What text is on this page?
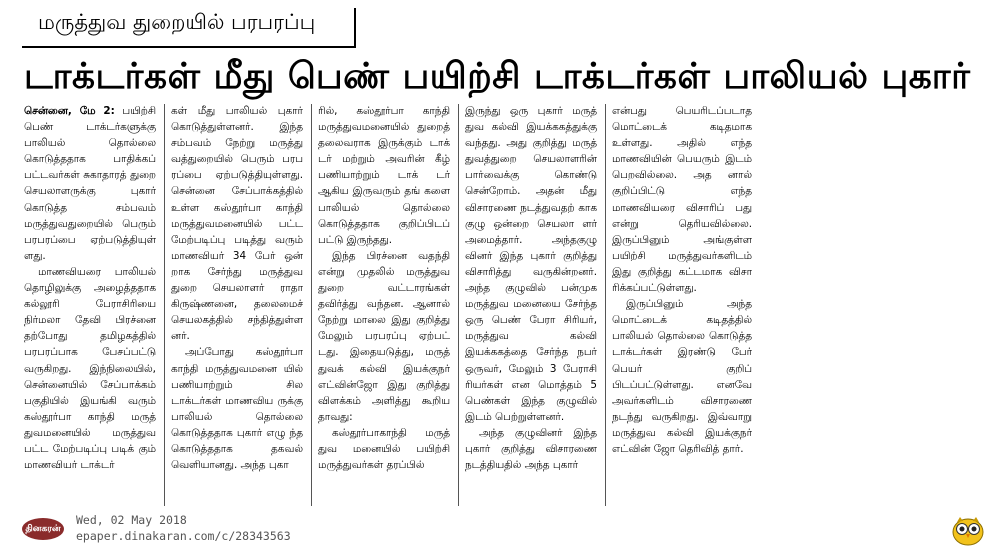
மருத்துவ துறையில் பரபரப்பு
டாக்டர்கள் மீது பெண் பயிற்சி டாக்டர்கள் பாலியல் புகார்

சென்னை, மே 2: பயிற்சி பெண் டாக்டர்களுக்கு பாலியல் தொல்லை கொடுத்ததாக பாதிக்கப் பட்டவர்கள் சுகாதாரத் துறை செயலாளருக்கு புகார் கொடுத்த சம்பவம் மருத்துவதுறையில் பெரும் பரபரப்பை ஏற்படுத்தியுள் ளது.

மாணவியரை பாலியல் தொழிலுக்கு அழைத்ததாக கல்லூரி பேராசிரியை நிர்மலா தேவி பிரச்னை தற்போது தமிழகத்தில் பரபரப்பாக பேசப்பட்டு வருகிறது. இந்நிலையில், சென்னையில் சேப்பாக்கம் பகுதியில் இயங்கி வரும் கஸ்தூர்பா காந்தி மருத் துவமனையில் மருத்துவ பட்ட மேற்படிப்பு படிக் கும் மாணவியர் டாக்டர்

கள் மீது பாலியல் புகார் கொடுத்துள்ளனர். இந்த சம்பவம் நேற்று மருத்து வத்துறையில் பெரும் பரப ரப்பை ஏற்படுத்தியுள்ளது. சென்னை சேப்பாக்கத்தில் உள்ள கஸ்தூர்பா காந்தி மருத்துவமனையில் பட்ட மேற்படிப்பு படித்து வரும் மாணவியர் 34 பேர் ஒன் றாக சேர்ந்து மருத்துவ துறை செயலாளர் ராதா கிருஷ்ணனை, தலைமைச் செயலகத்தில் சந்தித்துள்ள னர்.

அப்போது கஸ்தூர்பா காந்தி மருத்துவமனை யில் பணியாற்றும் சில டாக்டர்கள் மாணவிய ருக்கு பாலியல் தொல்லை கொடுத்ததாக புகார் எழு ந்த கொடுத்ததாக தகவல் வெளியானது. அந்த புகா

ரில், கஸ்தூர்பா காந்தி மருத்துவமனையில் துறைத் தலைவராக இருக்கும் டாக் டர் மற்றும் அவரின் கீழ் பணியாற்றும் டாக் டர் ஆகிய இருவரும் தங் களை பாலியல் தொல்லை கொடுத்ததாக குறிப்பிடப் பட்டு இருந்தது.

இந்த பிரச்னை வதந்தி என்று முதலில் மருத்துவ துறை வட்டாரங்கள் தவிர்த்து வந்தன. ஆனால் நேற்று மாலை இது குறித்து மேலும் பரபரப்பு ஏற்பட் டது. இதையடுத்து, மருத் துவக் கல்வி இயக்குநர் எட்வின்ஜோ இது குறித்து விளக்கம் அளித்து கூறிய தாவது:

கஸ்தூர்பாகாந்தி மருத் துவ மனையில் பயிற்சி மருத்துவர்கள் தரப்பில்

இருந்து ஒரு புகார் மருத் துவ கல்வி இயக்ககத்துக்கு வந்தது. அது குறித்து மருத் துவத்துறை செயலாளரின் பார்வைக்கு கொண்டு சென்றோம். அதன் மீது விசாரணை நடத்துவதற் காக குழு ஒன்றை செயலா ளர் அமைத்தார். அந்தகுழு வினர் இந்த புகார் குறித்து விசாரித்து வருகின்றனர். அந்த குழுவில் பன்முக மருத்துவ மனையை சேர்ந்த ஒரு பெண் பேரா சிரியர், மருத்துவ கல்வி இயக்ககத்தை சேர்ந்த நபர் ஒருவர், மேலும் 3 பேராசி ரியர்கள் என மொத்தம் 5 பெண்கள் இந்த குழுவில் இடம் பெற்றுள்ளனர்.

அந்த குழுவினர் இந்த புகார் குறித்து விசாரணை நடத்தியதில் அந்த புகார்

என்பது பெயரிடப்படாத மொட்டைக் கடிதமாக உள்ளது. அதில் எந்த மாணவியின் பெயரும் இடம் பெறவில்லை. அத னால் குறிப்பிட்டு எந்த மாணவியரை விசாரிப் பது என்று தெரியவில்லை. இருப்பினும் அங்குள்ள பயிற்சி மருத்துவர்களிடம் இது குறித்து கட்டமாக விசா ரிக்கப்பட்டுள்ளது.

இருப்பினும் அந்த மொட்டைக் கடிதத்தில் பாலியல் தொல்லை கொடுத்த டாக்டர்கள் இரண்டு பேர் பெயர் குறிப் பிடப்பட்டுள்ளது. எனவே அவர்களிடம் விசாரணை நடந்து வருகிறது. இவ்வாறு மருத்துவ கல்வி இயக்குநர் எட்வின் ஜோ தெரிவித் தார்.

தினகரன்
Wed, 02 May 2018
epaper.dinakaran.com/c/28343563
